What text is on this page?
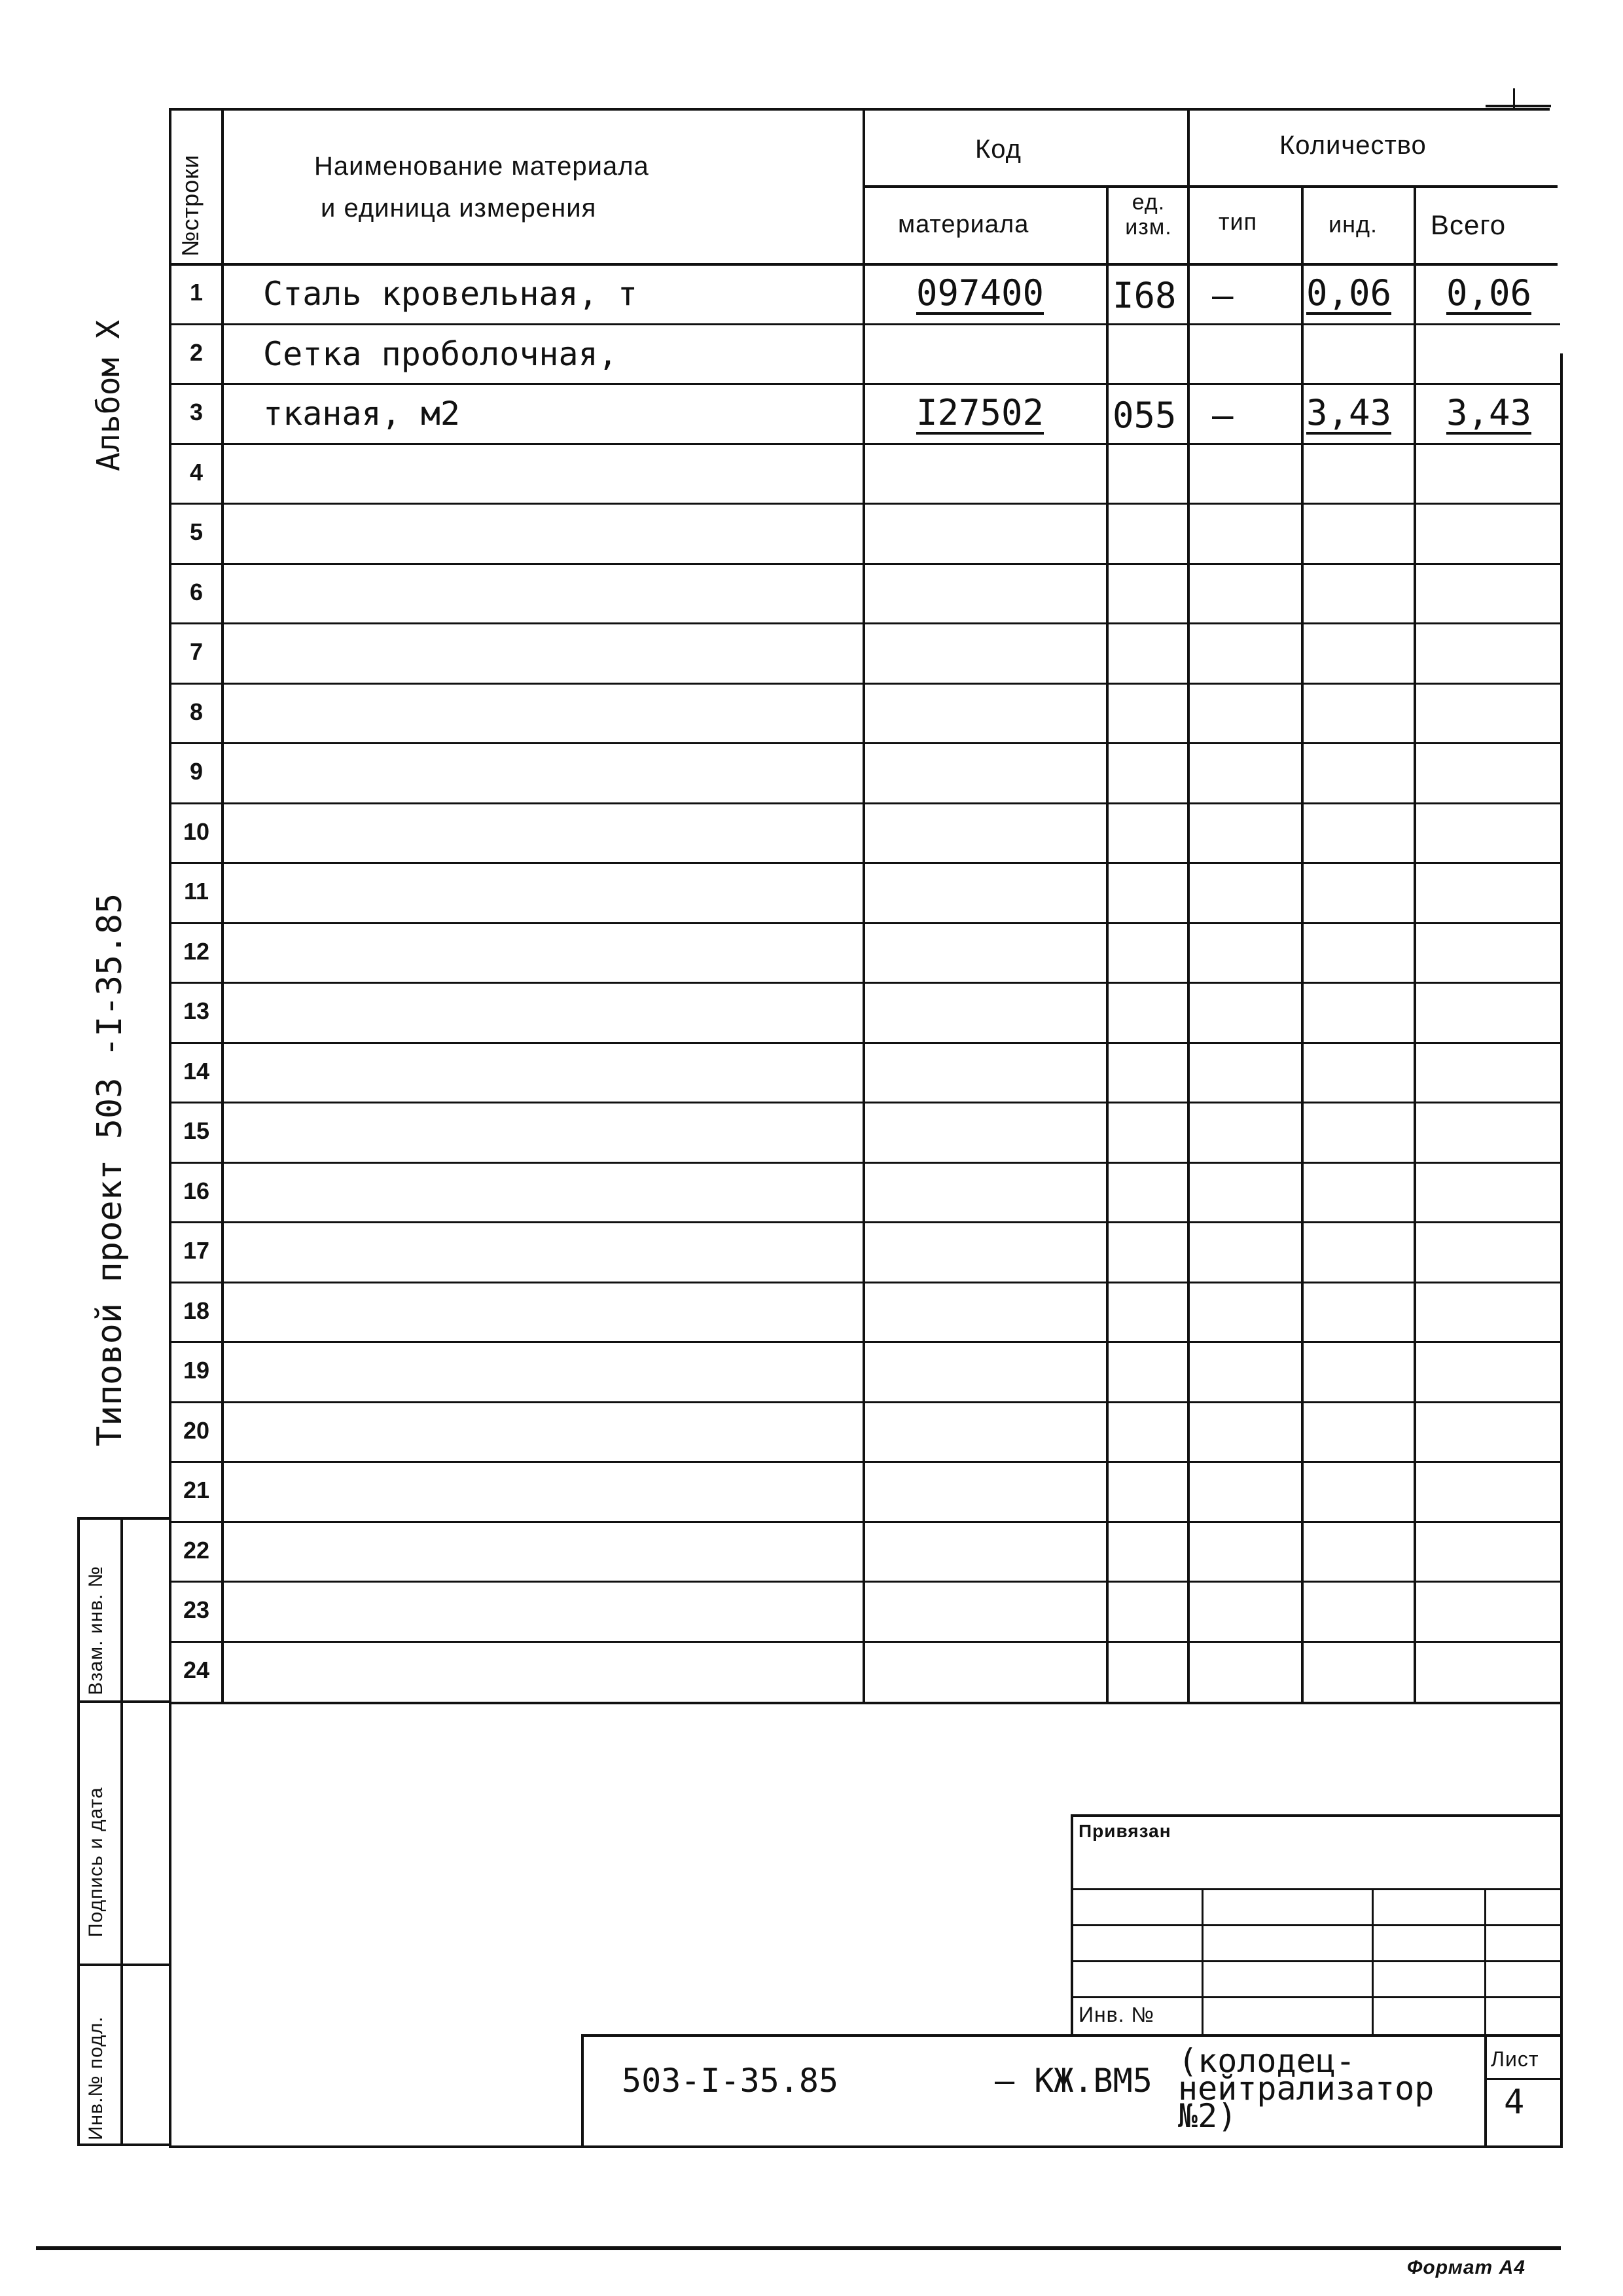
Альбом X
Типовой проект 503 -I-35.85
Взам. инв. №
Подпись и дата
Инв.№ подл.
№строки	Наименование материала
и единица измерения
Код	Количество
материала
ед. изм.	тип	инд. Всего
1	Сталь кровельная, т	097400 I68 – 0,06 0,06
2	Сетка проболочная,
3	тканая, м2	I27502 055 – 3,43 3,43
4
5
6
7
8
9
10
11
12
13
14
15
16
17
18
19
20
21
22
23
24
Привязан
Инв. №
503-I-35.85	– КЖ.ВМ5
(колодец-нейтрализатор №2)
Лист
4
Формат А4
